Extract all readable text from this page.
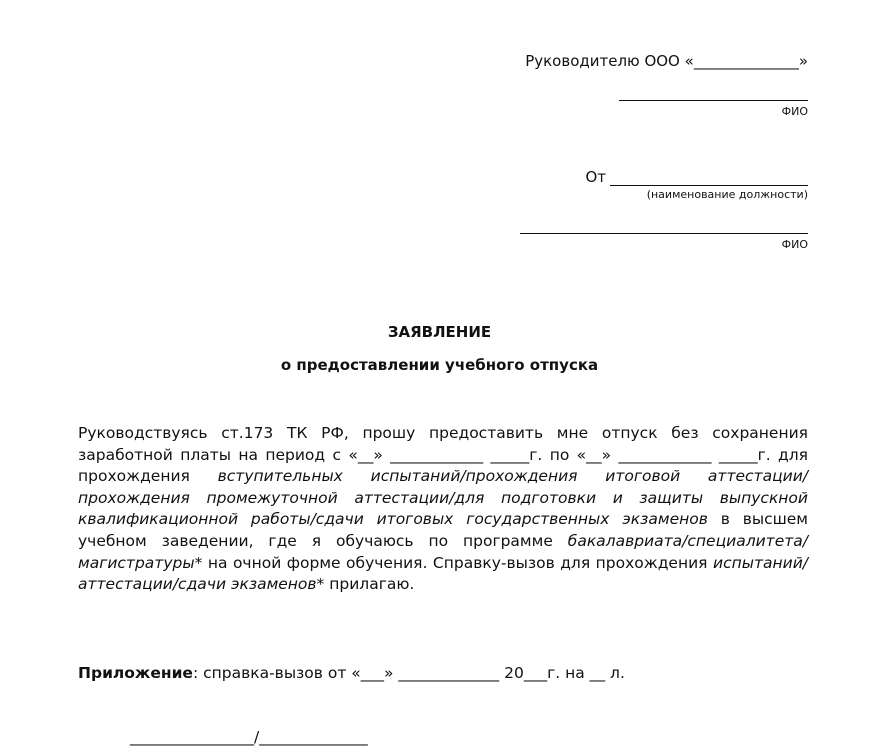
Руководителю ООО «______________»
ФИО
От
(наименование должности)
ФИО
ЗАЯВЛЕНИЕ
о предоставлении учебного отпуска
Руководствуясь ст.173 ТК РФ, прошу предоставить мне отпуск без сохранения заработной платы на период с «__» ____________ _____г. по «__» ____________ _____г. для прохождения вступительных испытаний/прохождения итоговой аттестации/прохождения промежуточной аттестации/для подготовки и защиты выпускной квалификационной работы/сдачи итоговых государственных экзаменов в высшем учебном заведении, где я обучаюсь по программе бакалавриата/специалитета/магистратуры* на очной форме обучения. Справку-вызов для прохождения испытаний/аттестации/сдачи экзаменов* прилагаю.
Приложение: справка-вызов от «___» _____________ 20___г. на __ л.
________________/______________
